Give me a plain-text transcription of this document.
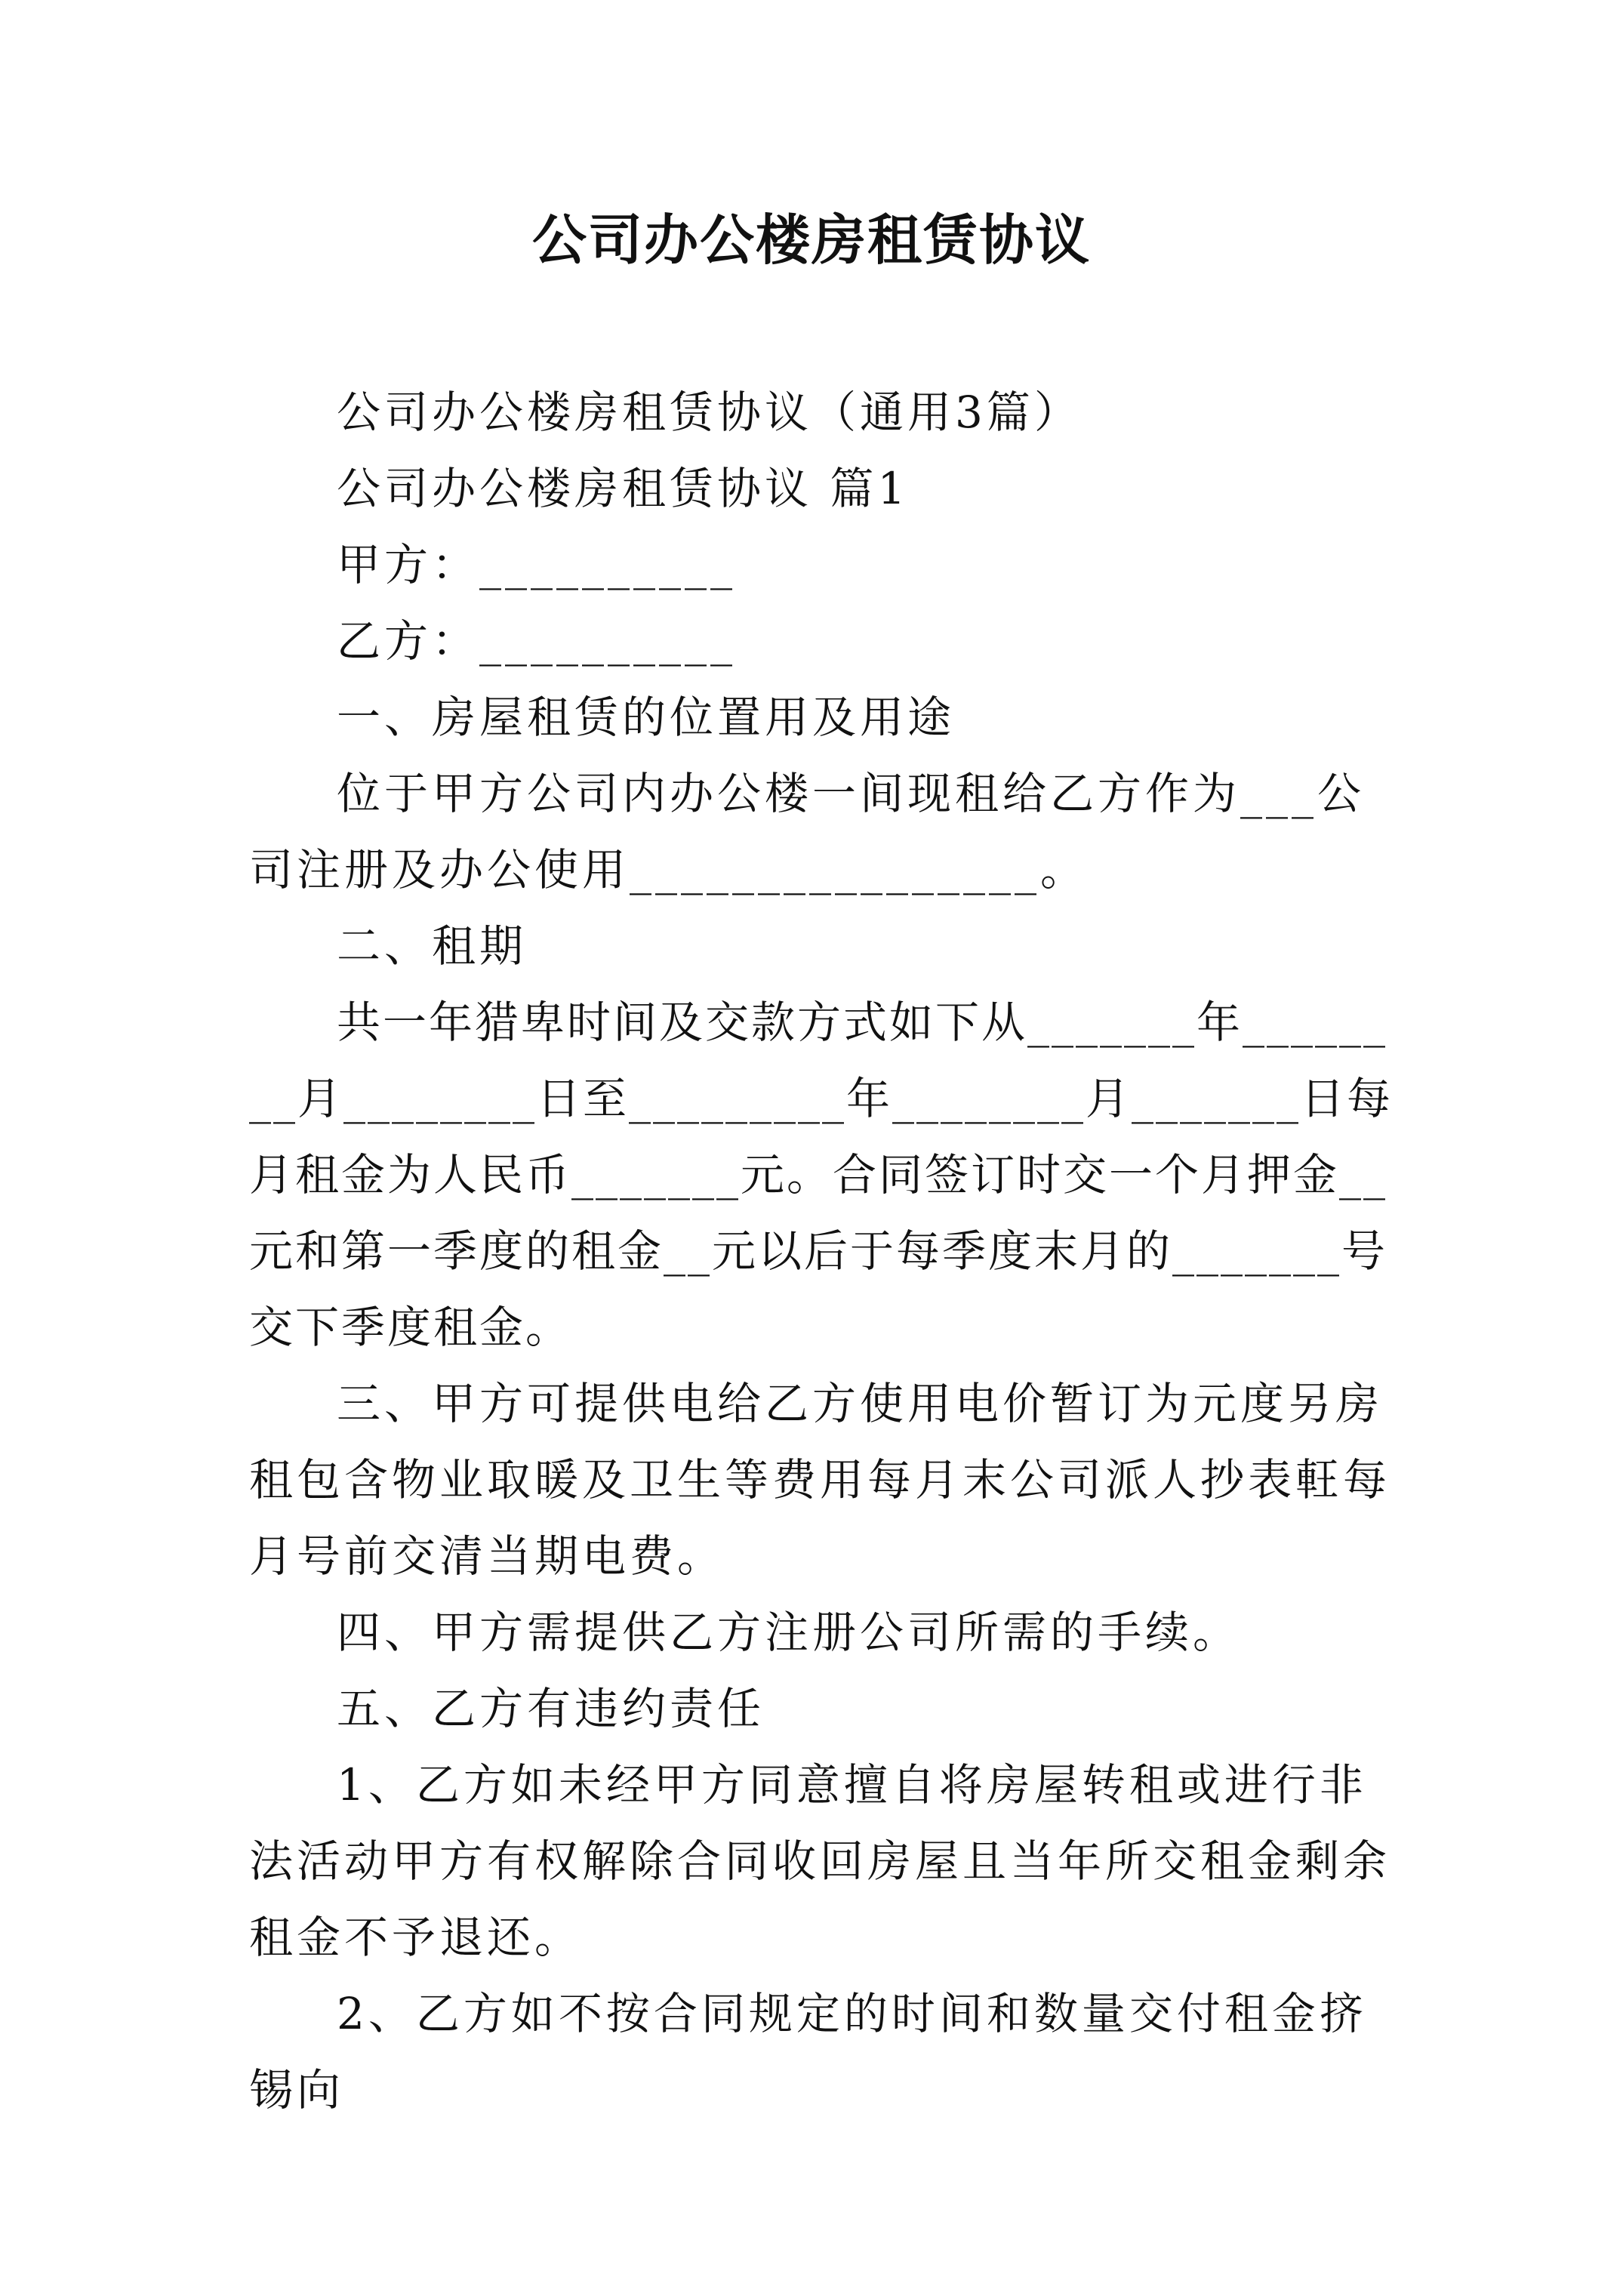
公司办公楼房租赁协议

公司办公楼房租赁协议（通用3篇）

公司办公楼房租赁协议 篇1

甲方：__________

乙方：__________

一、房屋租赁的位置用及用途

位于甲方公司内办公楼一间现租给乙方作为___公司注册及办公使用________________。

二、租期

共一年猎卑时间及交款方式如下从_______年________月________日至_________年________月_______日每月租金为人民币_______元。合同签订时交一个月押金__元和第一季度的租金__元以后于每季度末月的_______号交下季度租金。

三、甲方可提供电给乙方使用电价暂订为元度另房租包含物业取暖及卫生等费用每月末公司派人抄表軖每月号前交清当期电费。

四、甲方需提供乙方注册公司所需的手续。

五、乙方有违约责任

1、乙方如未经甲方同意擅自将房屋转租或进行非法活动甲方有权解除合同收回房屋且当年所交租金剩余租金不予退还。

2、乙方如不按合同规定的时间和数量交付租金挤锡向
